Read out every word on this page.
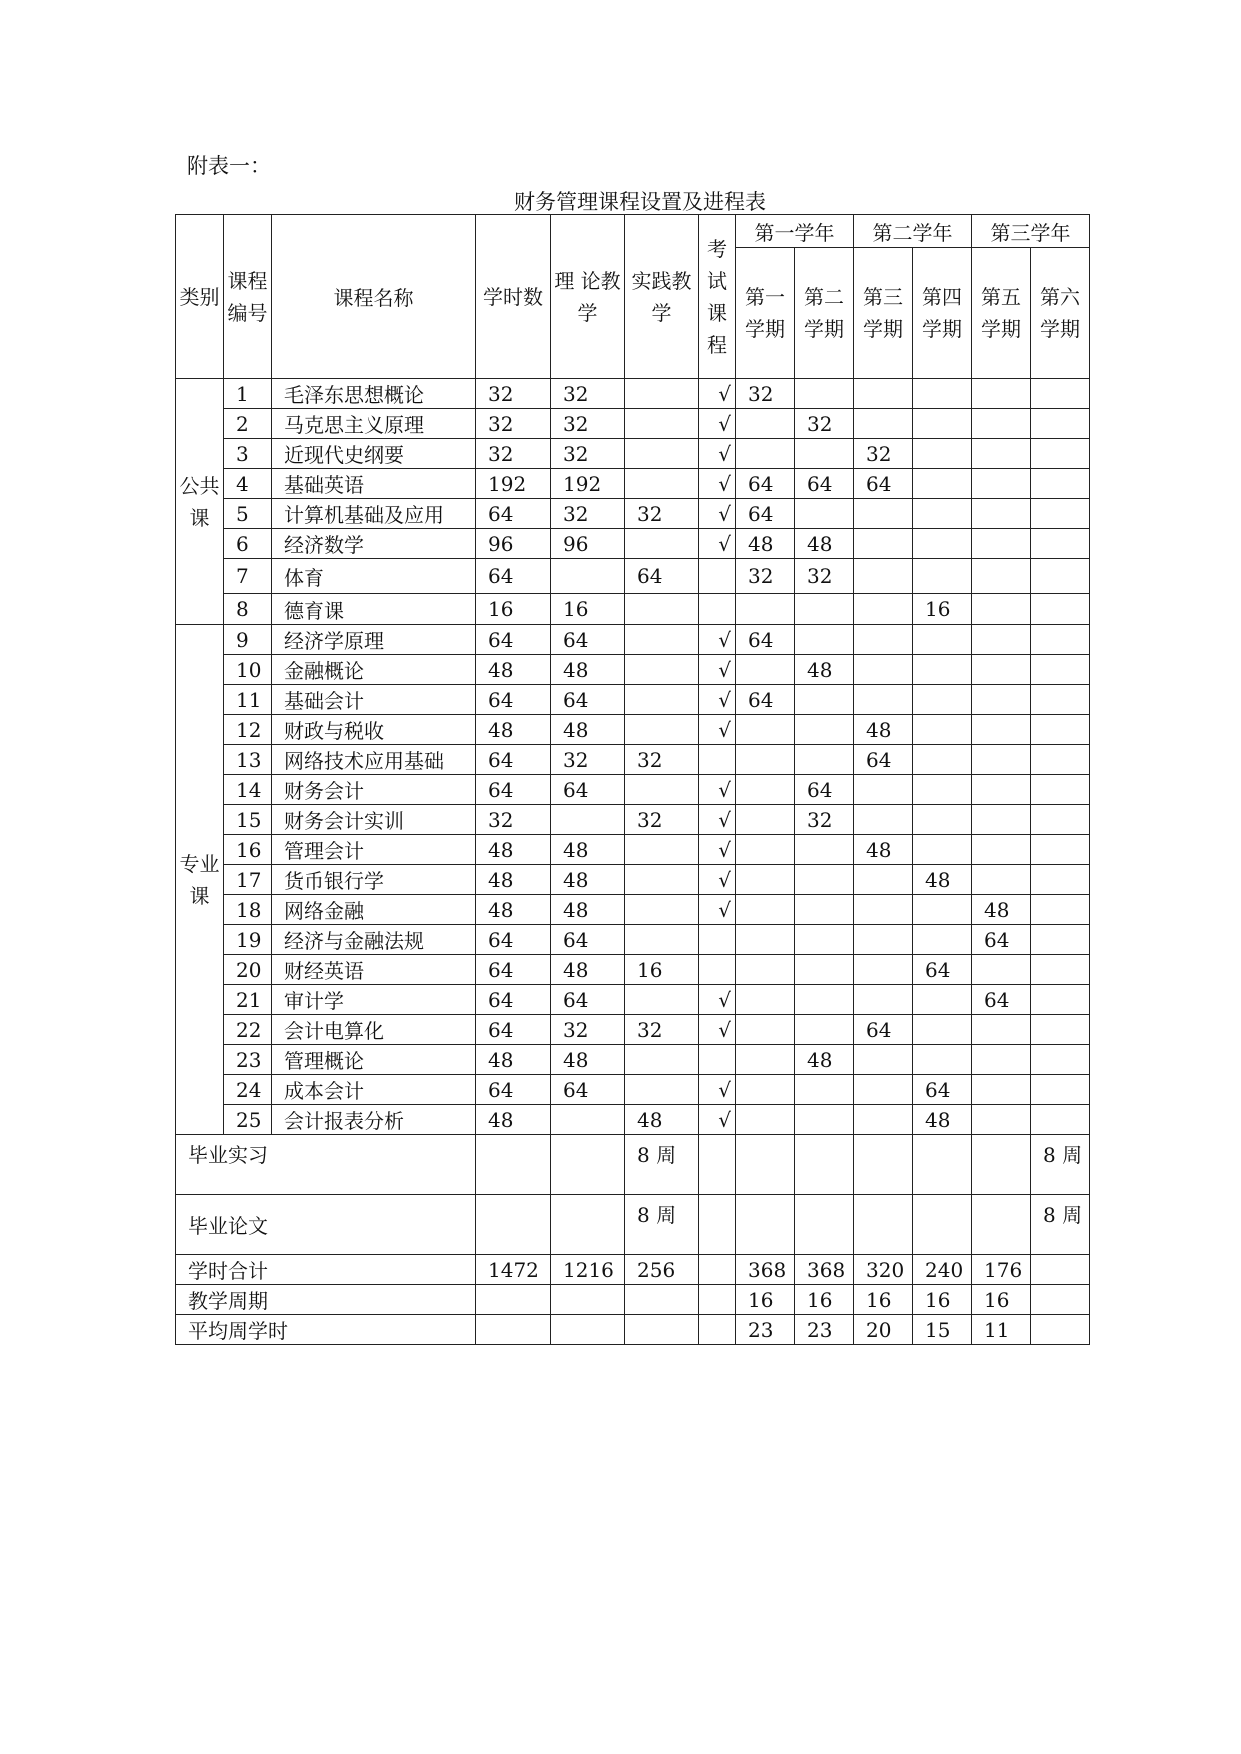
附表一：
财务管理课程设置及进程表
类别	课程编号	课程名称	学时数	理 论教学	实践教学	考试课程	第一学年		第二学年		第三学年	
							第一学期	第二学期	第三学期	第四学期	第五学期	第六学期
公共课	1	毛泽东思想概论	32	32		√	32					
	2	马克思主义原理	32	32		√		32				
	3	近现代史纲要	32	32		√			32			
	4	基础英语	192	192		√	64	64	64			
	5	计算机基础及应用	64	32	32	√	64					
	6	经济数学	96	96		√	48	48				
	7	体育	64		64		32	32				
	8	德育课	16	16						16		
专业课	9	经济学原理	64	64		√	64					
	10	金融概论	48	48		√		48				
	11	基础会计	64	64		√	64					
	12	财政与税收	48	48		√			48			
	13	网络技术应用基础	64	32	32				64			
	14	财务会计	64	64		√		64				
	15	财务会计实训	32		32	√		32				
	16	管理会计	48	48		√			48			
	17	货币银行学	48	48		√				48		
	18	网络金融	48	48		√					48	
	19	经济与金融法规	64	64							64	
	20	财经英语	64	48	16					64		
	21	审计学	64	64		√					64	
	22	会计电算化	64	32	32	√			64			
	23	管理概论	48	48				48				
	24	成本会计	64	64		√				64		
	25	会计报表分析	48		48	√				48		
毕业实习					8 周							8 周
毕业论文					8 周							8 周
学时合计			1472	1216	256		368	368	320	240	176	
教学周期							16	16	16	16	16	
平均周学时							23	23	20	15	11	
